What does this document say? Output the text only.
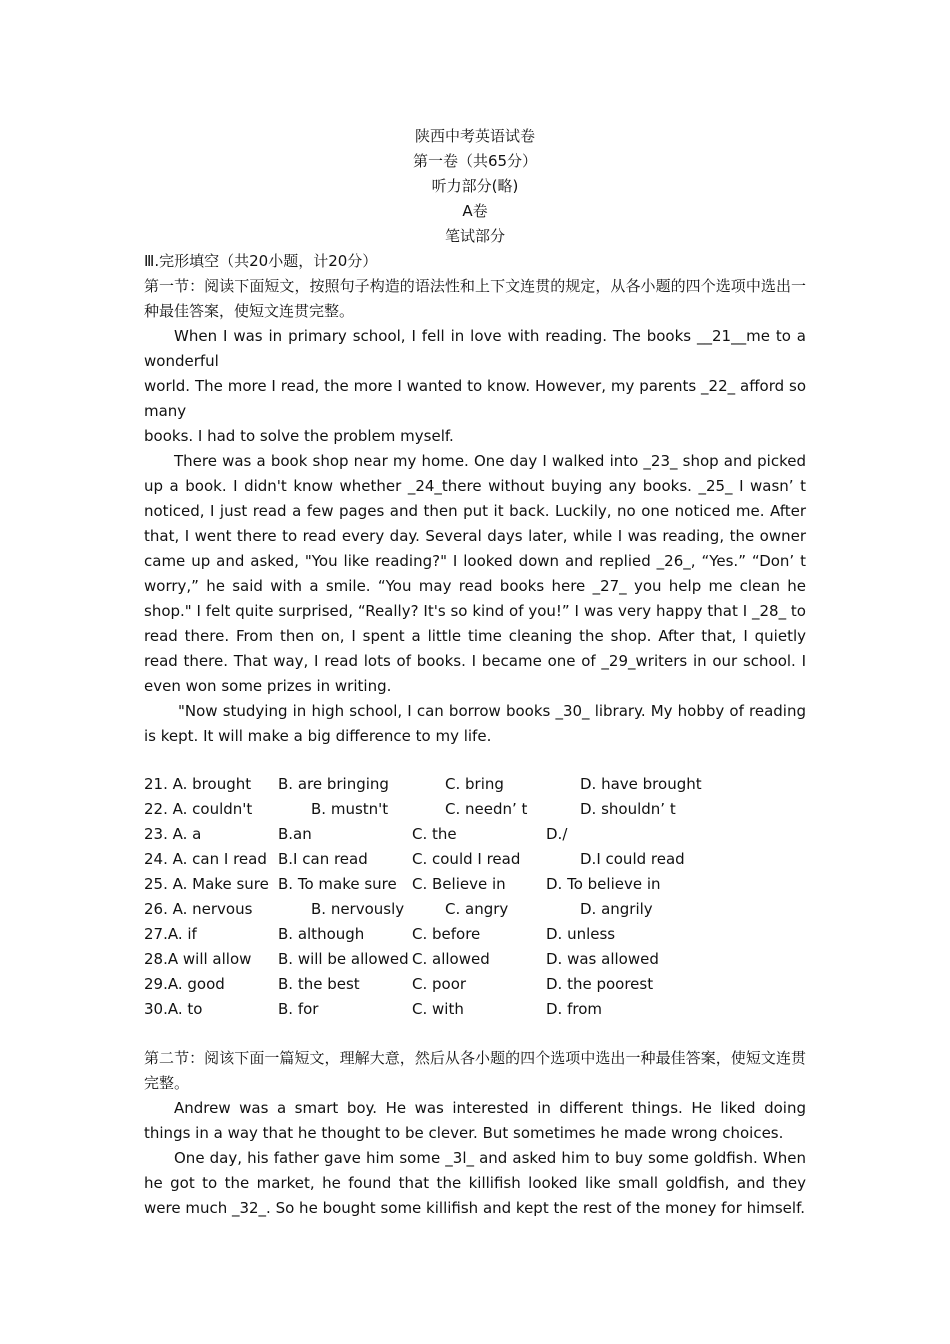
陕西中考英语试卷
第一卷（共65分）
听力部分(略)
A卷
笔试部分

Ⅲ.完形填空（共20小题，计20分）

第一节：阅读下面短文，按照句子构造的语法性和上下文连贯的规定，从各小题的四个选项中选出一种最佳答案，使短文连贯完整。

When I was in primary school, I fell in love with reading. The books __21__me to a wonderful

world. The more I read, the more I wanted to know. However, my parents _22_ afford so many

books. I had to solve the problem myself.

There was a book shop near my home. One day I walked into _23_ shop and picked up a book. I didn't know whether _24_there without buying any books. _25_ I wasn’ t noticed, I just read a few pages and then put it back. Luckily, no one noticed me. After that, I went there to read every day. Several days later, while I was reading, the owner came up and asked, "You like reading?" I looked down and replied _26_, “Yes.” “Don’ t worry,” he said with a smile. “You may read books here _27_ you help me clean he shop." I felt quite surprised, “Really? It's so kind of you!” I was very happy that I _28_ to read there. From then on, I spent a little time cleaning the shop. After that, I quietly read there. That way, I read lots of books. I became one of _29_writers in our school. I even won some prizes in writing.

"Now studying in high school, I can borrow books _30_ library. My hobby of reading is kept. It will make a big difference to my life.

21. A. brought B. are bringing	C. bring	D. have brought
22. A. couldn't	B. mustn't	C. needn’ t	D. shouldn’ t
23. A. a	B.an	C. the	D./
24. A. can I read B.I can read	C. could I read	D.I could read
25. A. Make sure B. To make sure C. Believe in	D. To believe in
26. A. nervous	B. nervously	C. angry	D. angrily
27.A. if	B. although	C. before	D. unless
28.A will allow B. will be allowed C. allowed	D. was allowed
29.A. good	B. the best	C. poor	D. the poorest
30.A. to	B. for	C. with	D. from

第二节：阅该下面一篇短文，理解大意，然后从各小题的四个选项中选出一种最佳答案，使短文连贯完整。

Andrew was a smart boy. He was interested in different things. He liked doing things in a way that he thought to be clever. But sometimes he made wrong choices.

One day, his father gave him some _3l_ and asked him to buy some goldfish. When he got to the market, he found that the killifish looked like small goldfish, and they were much _32_. So he bought some killifish and kept the rest of the money for himself.
